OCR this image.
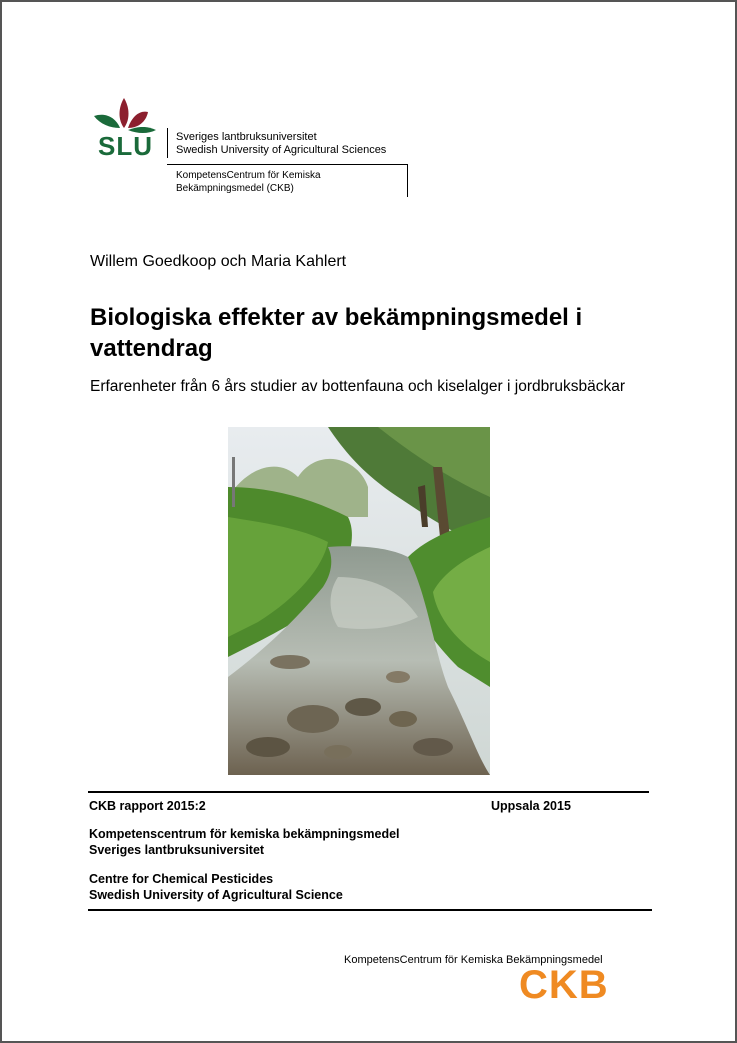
SLU Sveriges lantbruksuniversitet
Swedish University of Agricultural Sciences
KompetensCentrum för Kemiska
Bekämpningsmedel (CKB)
Willem Goedkoop och Maria Kahlert
Biologiska effekter av bekämpningsmedel i vattendrag
Erfarenheter från 6 års studier av bottenfauna och kiselalger i jordbruksbäckar
CKB rapport 2015:2	Uppsala 2015
Kompetenscentrum för kemiska bekämpningsmedel
Sveriges lantbruksuniversitet
Centre for Chemical Pesticides
Swedish University of Agricultural Science
KompetensCentrum för Kemiska Bekämpningsmedel
CKB
